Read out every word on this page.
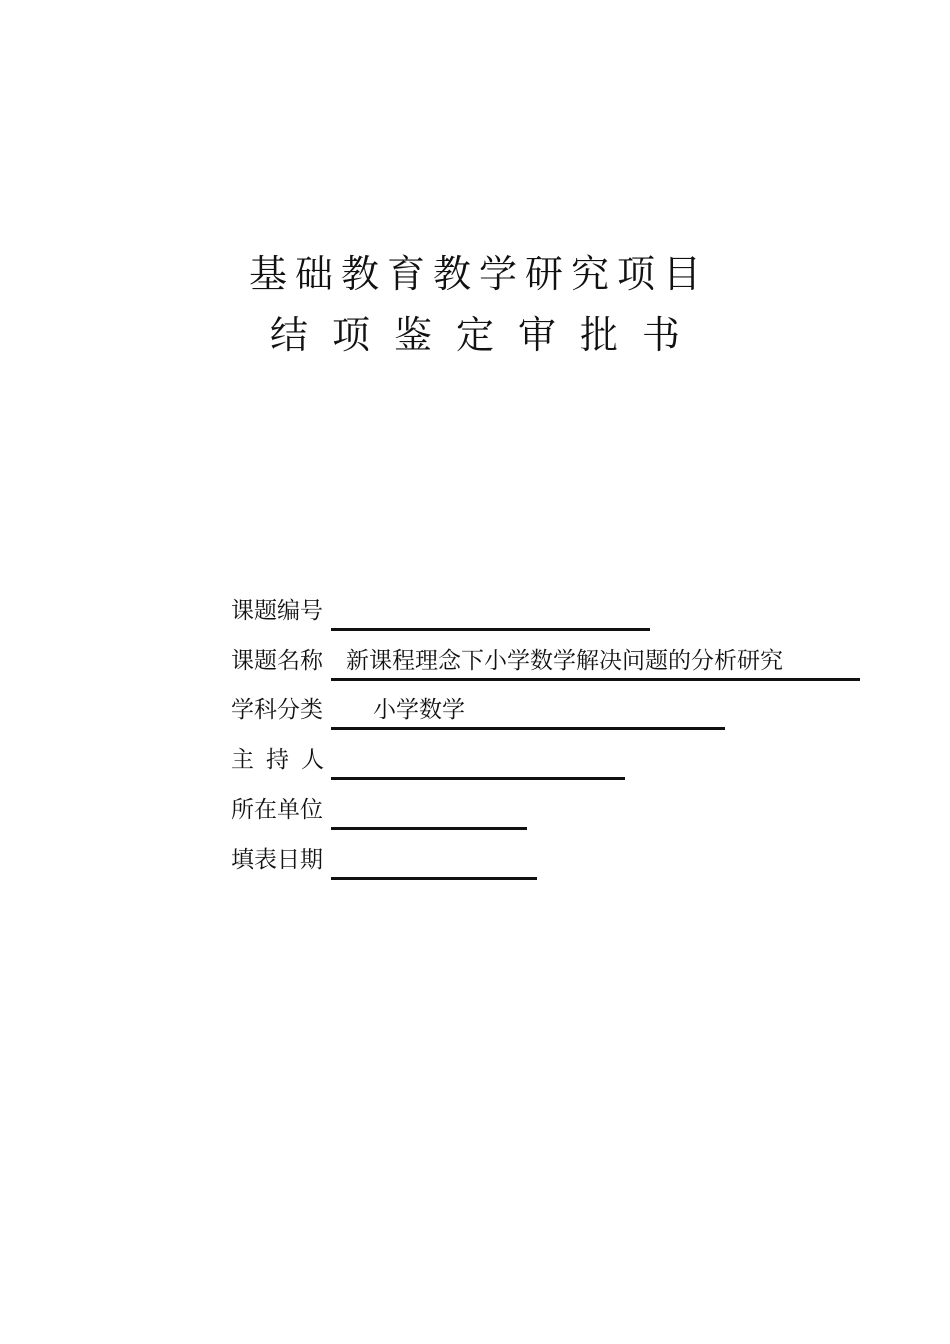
基础教育教学研究项目
结项鉴定审批书
课题编号
课题名称 新课程理念下小学数学解决问题的分析研究
学科分类 小学数学
主持人
所在单位
填表日期
